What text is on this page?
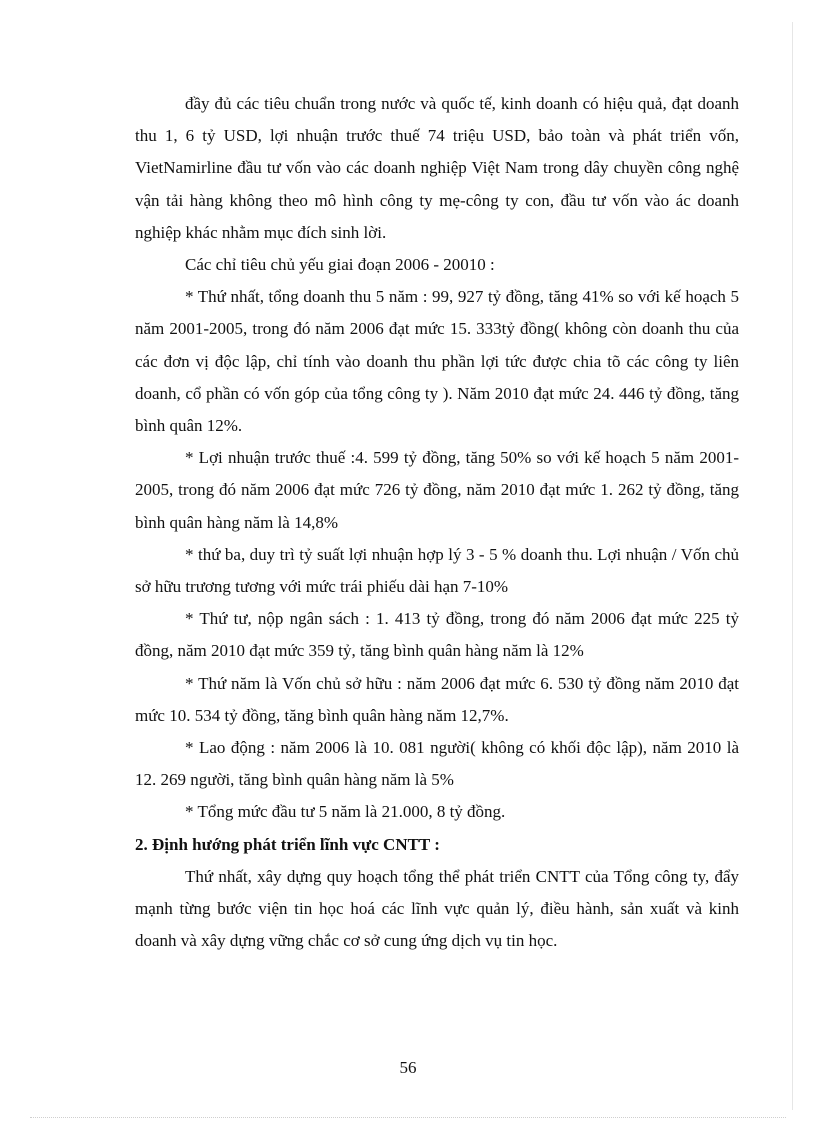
đầy đủ các tiêu chuẩn trong nước và quốc tế, kinh doanh có hiệu quả, đạt doanh thu 1, 6 tỷ USD, lợi nhuận trước thuế 74 triệu USD, bảo toàn và phát triển vốn, VietNamirline đầu tư vốn vào các doanh nghiệp Việt Nam trong dây chuyền công nghệ vận tải hàng không theo mô hình công ty mẹ-công ty con, đầu tư vốn vào ác doanh nghiệp khác nhằm mục đích sinh lời.

Các chỉ tiêu chủ yếu giai đoạn 2006 - 20010 :

* Thứ nhất, tổng doanh thu 5 năm : 99, 927 tỷ đồng, tăng 41% so với kế hoạch 5 năm 2001-2005, trong đó năm 2006 đạt mức 15. 333tỷ đồng( không còn doanh thu của các đơn vị độc lập, chỉ tính vào doanh thu phần lợi tức được chia tõ các công ty liên doanh, cổ phần có vốn góp của tổng công ty ). Năm 2010 đạt mức 24. 446 tỷ đồng, tăng bình quân 12%.

* Lợi nhuận trước thuế :4. 599 tỷ đồng, tăng 50% so với kế hoạch 5 năm 2001-2005, trong đó năm 2006 đạt mức 726 tỷ đồng, năm 2010 đạt mức 1. 262 tỷ đồng, tăng bình quân hàng năm là 14,8%

* thứ ba, duy trì tỷ suất lợi nhuận hợp lý 3 - 5 % doanh thu. Lợi nhuận / Vốn chủ sở hữu trương tương với mức trái phiếu dài hạn 7-10%

* Thứ tư, nộp ngân sách : 1. 413 tỷ đồng, trong đó năm 2006 đạt mức 225 tỷ đồng, năm 2010 đạt mức 359 tỷ, tăng bình quân hàng năm là 12%

* Thứ năm là Vốn chủ sở hữu : năm 2006 đạt mức 6. 530 tỷ đồng năm 2010 đạt mức 10. 534 tỷ đồng, tăng bình quân hàng năm 12,7%.

* Lao động : năm 2006 là 10. 081 người( không có khối độc lập), năm 2010 là 12. 269 người, tăng bình quân hàng năm là 5%

* Tổng mức đầu tư 5 năm là 21.000, 8 tỷ đồng.

2. Định hướng phát triển lĩnh vực CNTT :

Thứ nhất, xây dựng quy hoạch tổng thể phát triển CNTT của Tổng công ty, đẩy mạnh từng bước viện tin học hoá các lĩnh vực quản lý, điều hành, sản xuất và kinh doanh và xây dựng vững chắc cơ sở cung ứng dịch vụ tin học.

56
